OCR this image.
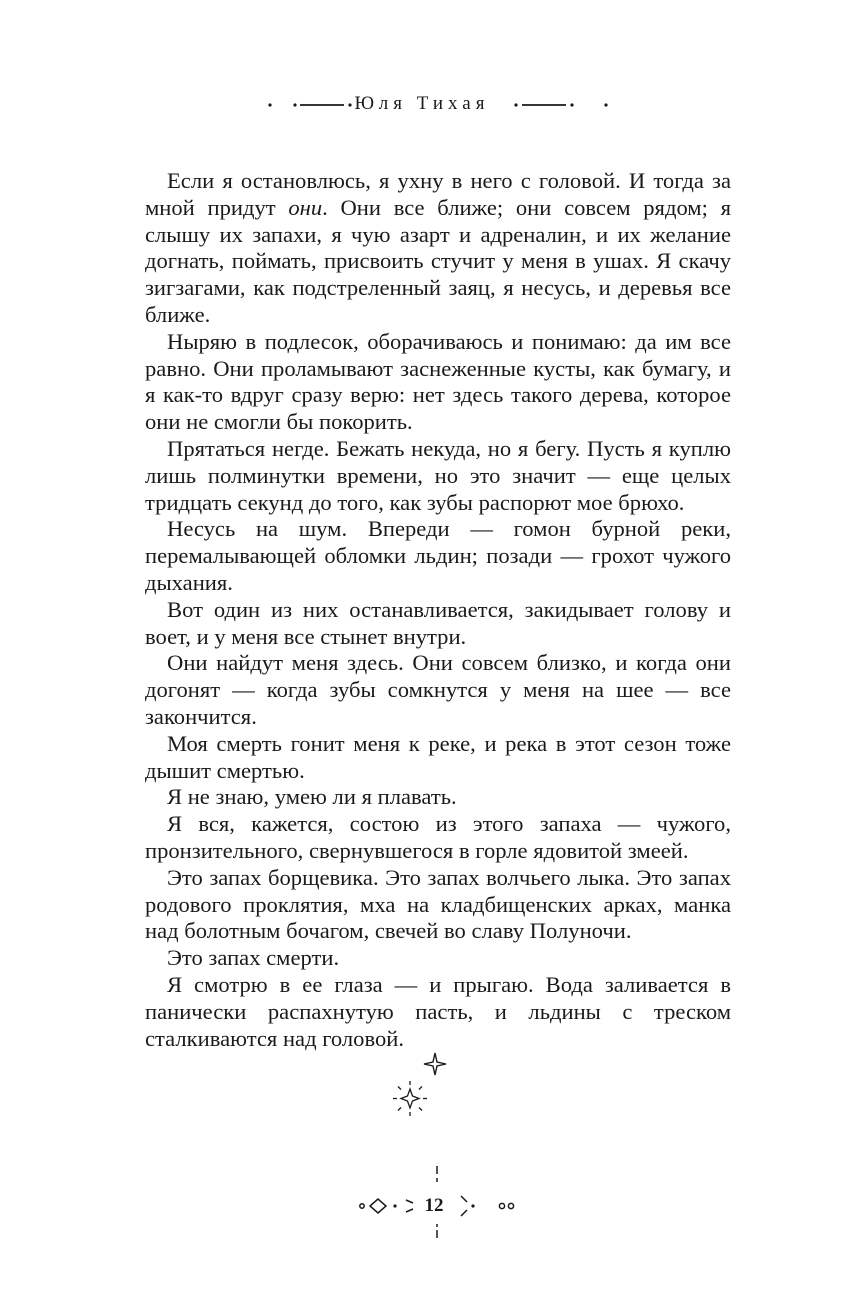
Юля Тихая

Если я остановлюсь, я ухну в него с головой. И тогда за мной придут они. Они все ближе; они совсем рядом; я слышу их запахи, я чую азарт и адреналин, и их желание догнать, поймать, присвоить стучит у меня в ушах. Я скачу зигзагами, как подстреленный заяц, я несусь, и деревья все ближе.

Ныряю в подлесок, оборачиваюсь и понимаю: да им все равно. Они проламывают заснеженные кусты, как бумагу, и я как-то вдруг сразу верю: нет здесь такого дерева, которое они не смогли бы покорить.

Прятаться негде. Бежать некуда, но я бегу. Пусть я куплю лишь полминутки времени, но это значит — еще целых тридцать секунд до того, как зубы распорют мое брюхо.

Несусь на шум. Впереди — гомон бурной реки, перемалывающей обломки льдин; позади — грохот чужого дыхания.

Вот один из них останавливается, закидывает голову и воет, и у меня все стынет внутри.

Они найдут меня здесь. Они совсем близко, и когда они догонят — когда зубы сомкнутся у меня на шее — все закончится.

Моя смерть гонит меня к реке, и река в этот сезон тоже дышит смертью.

Я не знаю, умею ли я плавать.

Я вся, кажется, состою из этого запаха — чужого, пронзительного, свернувшегося в горле ядовитой змеей.

Это запах борщевика. Это запах волчьего лыка. Это запах родового проклятия, мха на кладбищенских арках, манка над болотным бочагом, свечей во славу Полуночи.

Это запах смерти.

Я смотрю в ее глаза — и прыгаю. Вода заливается в панически распахнутую пасть, и льдины с треском сталкиваются над головой.

12
